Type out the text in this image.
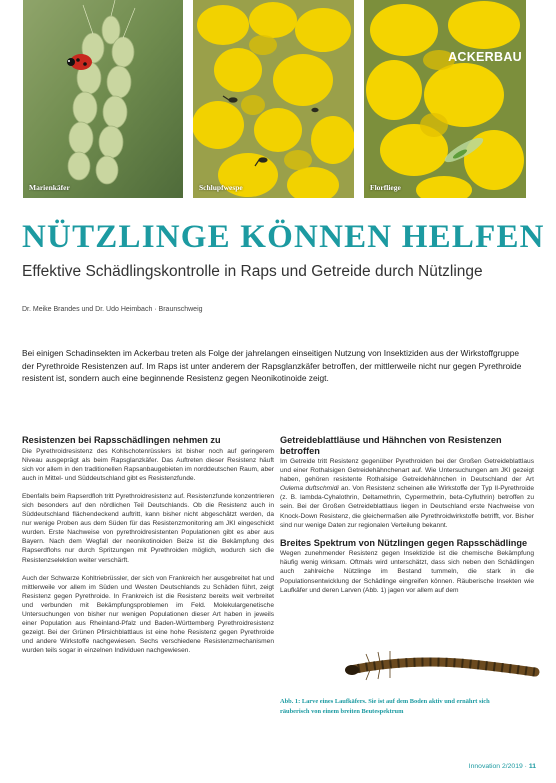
Marienkäfer	Schlupfwespe
ACKERBAU
Florfliege
NÜTZLINGE KÖNNEN HELFEN

Effektive Schädlingskontrolle in Raps und Getreide durch Nützlinge

Dr. Meike Brandes und Dr. Udo Heimbach · Braunschweig

Bei einigen Schadinsekten im Ackerbau treten als Folge der jahrelangen einseitigen Nutzung von Insektiziden aus der Wirkstoffgruppe der Pyrethroide Resistenzen auf. Im Raps ist unter anderem der Rapsglanzkäfer betroffen, der mittlerweile nicht nur gegen Pyrethroide resistent ist, sondern auch eine beginnende Resistenz gegen Neonikotinoide zeigt.

Resistenzen bei Rapsschädlingen nehmen zu

Die Pyrethroidresistenz des Kohlschotenrüsslers ist bisher noch auf geringerem Niveau ausgeprägt als beim Rapsglanzkäfer. Das Auftreten dieser Resistenz häuft sich vor allem in den traditionellen Rapsanbaugebieten im norddeutschen Raum, aber auch in Mittel- und Süddeutschland gibt es Resistenzfunde.

Ebenfalls beim Rapserdfloh tritt Pyrethroidresistenz auf. Resistenzfunde konzentrieren sich besonders auf den nördlichen Teil Deutschlands. Ob die Resistenz auch in Süddeutschland flächendeckend auftritt, kann bisher nicht abgeschätzt werden, da nur wenige Proben aus dem Süden für das Resistenzmonitoring am JKI eingeschickt wurden. Erste Nachweise von pyrethroidresistenten Populationen gibt es aber aus Bayern. Nach dem Wegfall der neonikotinoiden Beize ist die Bekämpfung des Rapserdflohs nur durch Spritzungen mit Pyrethroiden möglich, wodurch sich die Resistenzselektion weiter verschärft.

Auch der Schwarze Kohltriebrüssler, der sich von Frankreich her ausgebreitet hat und mittlerweile vor allem im Süden und Westen Deutschlands zu Schäden führt, zeigt Resistenz gegen Pyrethroide. In Frankreich ist die Resistenz bereits weit verbreitet und verbunden mit Bekämpfungsproblemen im Feld. Molekulargenetische Untersuchungen von bisher nur wenigen Populationen dieser Art haben in jeweils einer Population aus Rheinland-Pfalz und Baden-Württemberg Pyrethroidresistenz gezeigt. Bei der Grünen Pfirsichblattlaus ist eine hohe Resistenz gegen Pyrethroide und andere Wirkstoffe nachgewiesen. Sechs verschiedene Resistenzmechanismen wurden teils sogar in einzelnen Individuen nachgewiesen.

Getreideblattläuse und Hähnchen von Resistenzen betroffen

Im Getreide tritt Resistenz gegenüber Pyrethroiden bei der Großen Getreideblattlaus und einer Rothalsigen Getreidehähnchenart auf. Wie Untersuchungen am JKI gezeigt haben, gehören resistente Rothalsige Getreidehähnchen in Deutschland der Art Oulema duftschmidi an. Von Resistenz scheinen alle Wirkstoffe der Typ II-Pyrethroide (z. B. lambda-Cyhalothrin, Deltamethrin, Cypermethrin, beta-Cyfluthrin) betroffen zu sein. Bei der Großen Getreideblattlaus liegen in Deutschland erste Nachweise von Knock-Down Resistenz, die gleichermaßen alle Pyrethroidwirkstoffe betrifft, vor. Bisher sind nur wenige Daten zur regionalen Verteilung bekannt.

Breites Spektrum von Nützlingen gegen Rapsschädlinge

Wegen zunehmender Resistenz gegen Insektizide ist die chemische Bekämpfung häufig wenig wirksam. Oftmals wird unterschätzt, dass sich neben den Schädlingen auch zahlreiche Nützlinge im Bestand tummeln, die stark in die Populationsentwicklung der Schädlinge eingreifen können. Räuberische Insekten wie Laufkäfer und deren Larven (Abb. 1) jagen vor allem auf dem

Abb. 1: Larve eines Laufkäfers. Sie ist auf dem Boden aktiv und ernährt sich räuberisch von einem breiten Beutespektrum

Innovation 2/2019 · 11
